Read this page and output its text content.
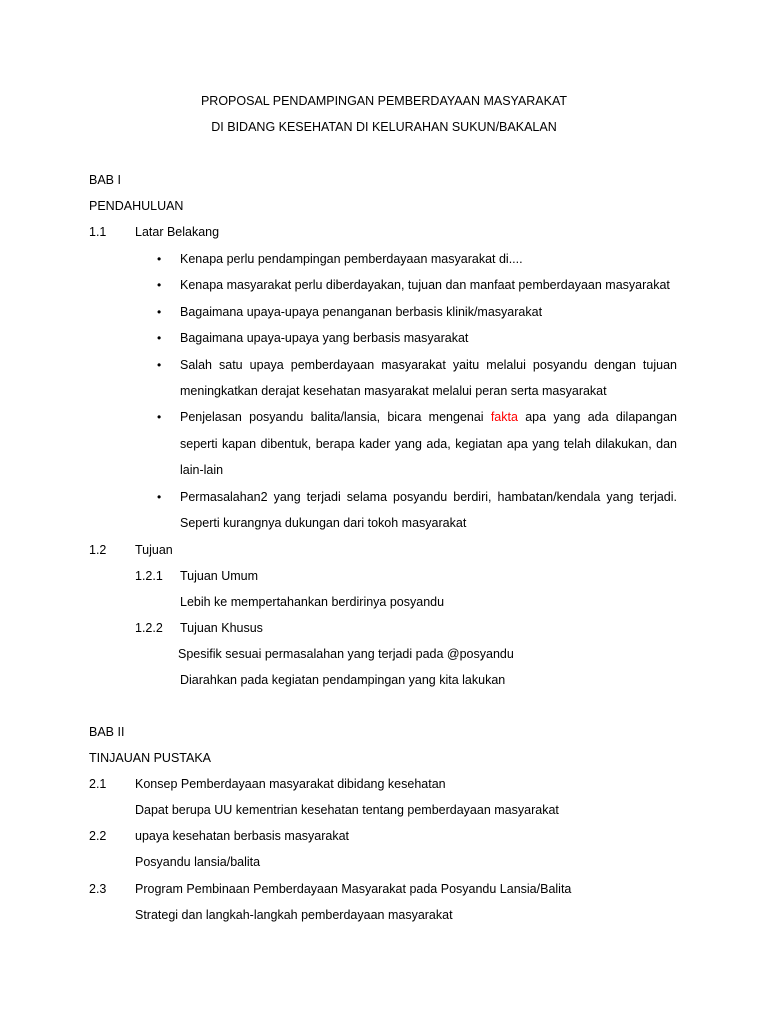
PROPOSAL PENDAMPINGAN PEMBERDAYAAN MASYARAKAT
DI BIDANG KESEHATAN DI KELURAHAN SUKUN/BAKALAN
BAB I
PENDAHULUAN
1.1 Latar Belakang
• Kenapa perlu pendampingan pemberdayaan masyarakat di....
• Kenapa masyarakat perlu diberdayakan, tujuan dan manfaat pemberdayaan masyarakat
• Bagaimana upaya-upaya penanganan berbasis klinik/masyarakat
• Bagaimana upaya-upaya yang berbasis masyarakat
• Salah satu upaya pemberdayaan masyarakat yaitu melalui posyandu dengan tujuan
meningkatkan derajat kesehatan masyarakat melalui peran serta masyarakat
• Penjelasan posyandu balita/lansia, bicara mengenai fakta apa yang ada dilapangan
seperti kapan dibentuk, berapa kader yang ada, kegiatan apa yang telah dilakukan, dan
lain-lain
• Permasalahan2 yang terjadi selama posyandu berdiri, hambatan/kendala yang terjadi.
Seperti kurangnya dukungan dari tokoh masyarakat
1.2 Tujuan
1.2.1 Tujuan Umum
Lebih ke mempertahankan berdirinya posyandu
1.2.2 Tujuan Khusus
Spesifik sesuai permasalahan yang terjadi pada @posyandu
Diarahkan pada kegiatan pendampingan yang kita lakukan
BAB II
TINJAUAN PUSTAKA
2.1 Konsep Pemberdayaan masyarakat dibidang kesehatan
Dapat berupa UU kementrian kesehatan tentang pemberdayaan masyarakat
2.2 upaya kesehatan berbasis masyarakat
Posyandu lansia/balita
2.3 Program Pembinaan Pemberdayaan Masyarakat pada Posyandu Lansia/Balita
Strategi dan langkah-langkah pemberdayaan masyarakat
